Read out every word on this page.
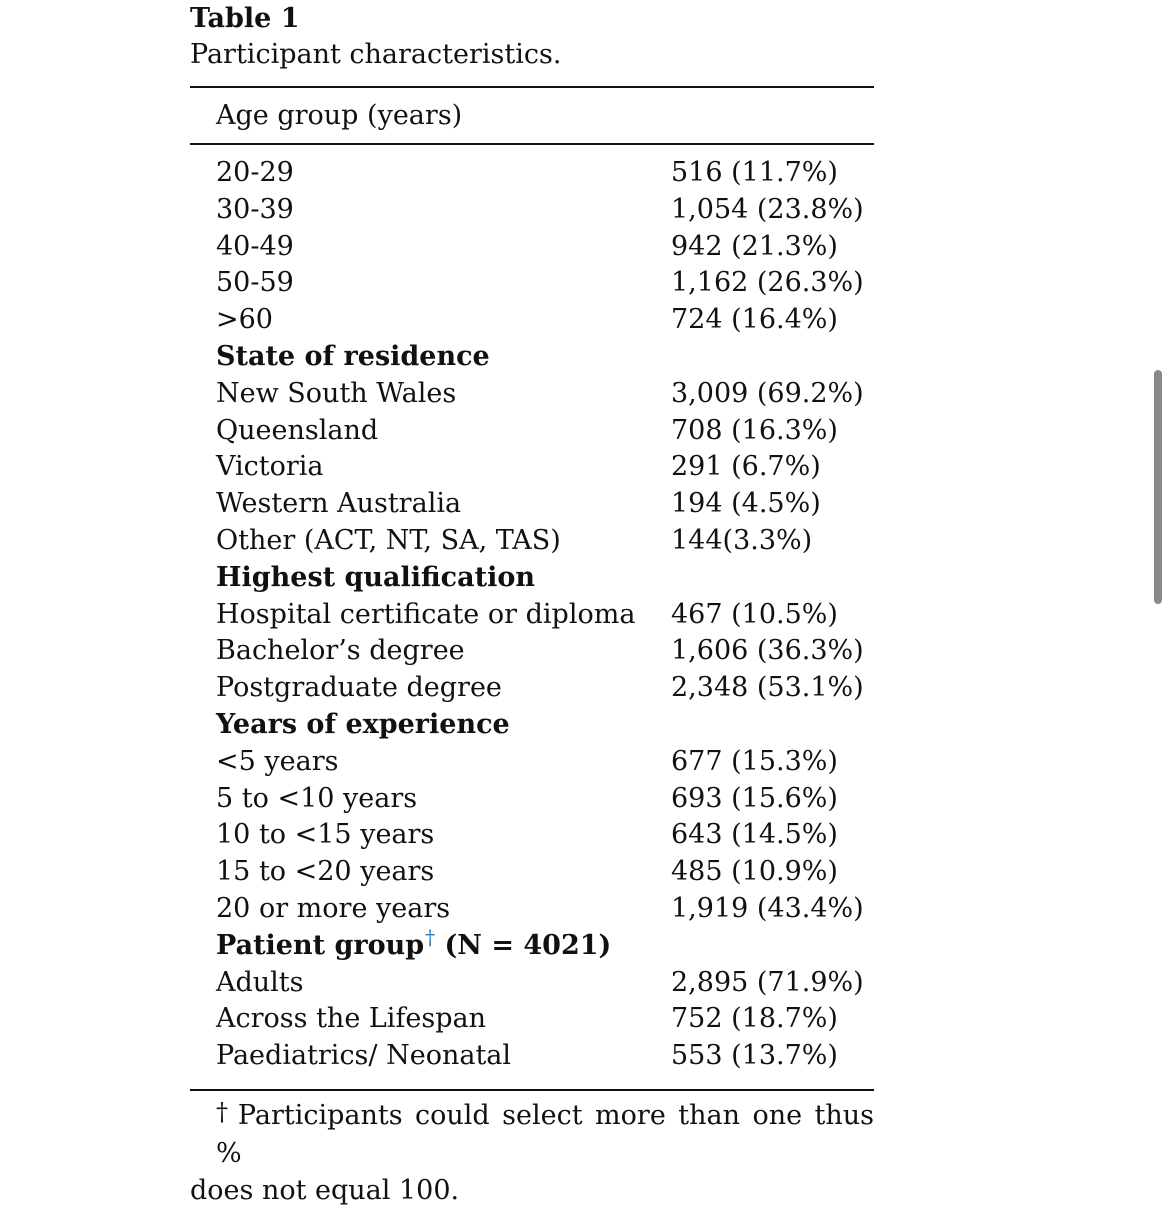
Table 1
Participant characteristics.
Age group (years)
20-29	516 (11.7%)
30-39	1,054 (23.8%)
40-49	942 (21.3%)
50-59	1,162 (26.3%)
>60	724 (16.4%)
State of residence
New South Wales	3,009 (69.2%)
Queensland	708 (16.3%)
Victoria	291 (6.7%)
Western Australia	194 (4.5%)
Other (ACT, NT, SA, TAS)	144(3.3%)
Highest qualification
Hospital certificate or diploma 467 (10.5%)
Bachelor’s degree	1,606 (36.3%)
Postgraduate degree	2,348 (53.1%)
Years of experience
<5 years	677 (15.3%)
5 to <10 years	693 (15.6%)
10 to <15 years	643 (14.5%)
15 to <20 years	485 (10.9%)
20 or more years	1,919 (43.4%)
Patient group† (N = 4021)
Adults	2,895 (71.9%)
Across the Lifespan	752 (18.7%)
Paediatrics/ Neonatal	553 (13.7%)
† Participants could select more than one thus %
does not equal 100.
